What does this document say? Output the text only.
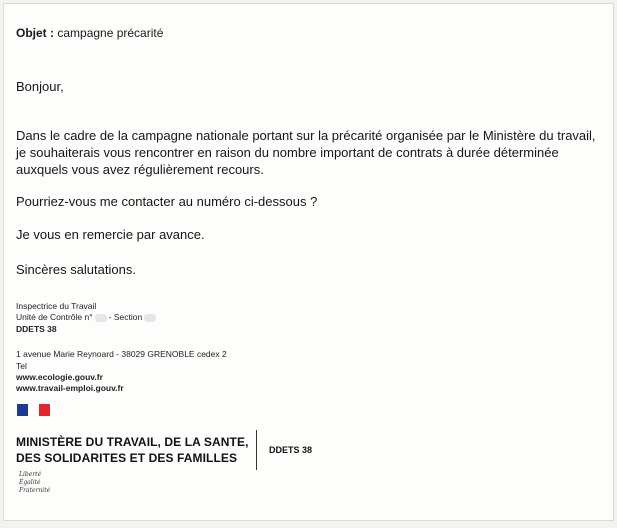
Objet : campagne précarité
Bonjour,
Dans le cadre de la campagne nationale portant sur la précarité organisée par le Ministère du travail,
je souhaiterais vous rencontrer en raison du nombre important de contrats à durée déterminée
auxquels vous avez régulièrement recours.
Pourriez-vous me contacter au numéro ci-dessous ?
Je vous en remercie par avance.
Sincères salutations.
Inspectrice du Travail
Unité de Contrôle n° - Section
DDETS 38
1 avenue Marie Reynoard - 38029 GRENOBLE cedex 2
Tel
www.ecologie.gouv.fr
www.travail-emploi.gouv.fr
MINISTÈRE DU TRAVAIL, DE LA SANTE,
DES SOLIDARITES ET DES FAMILLES
DDETS 38
Liberté
Égalité
Fraternité
